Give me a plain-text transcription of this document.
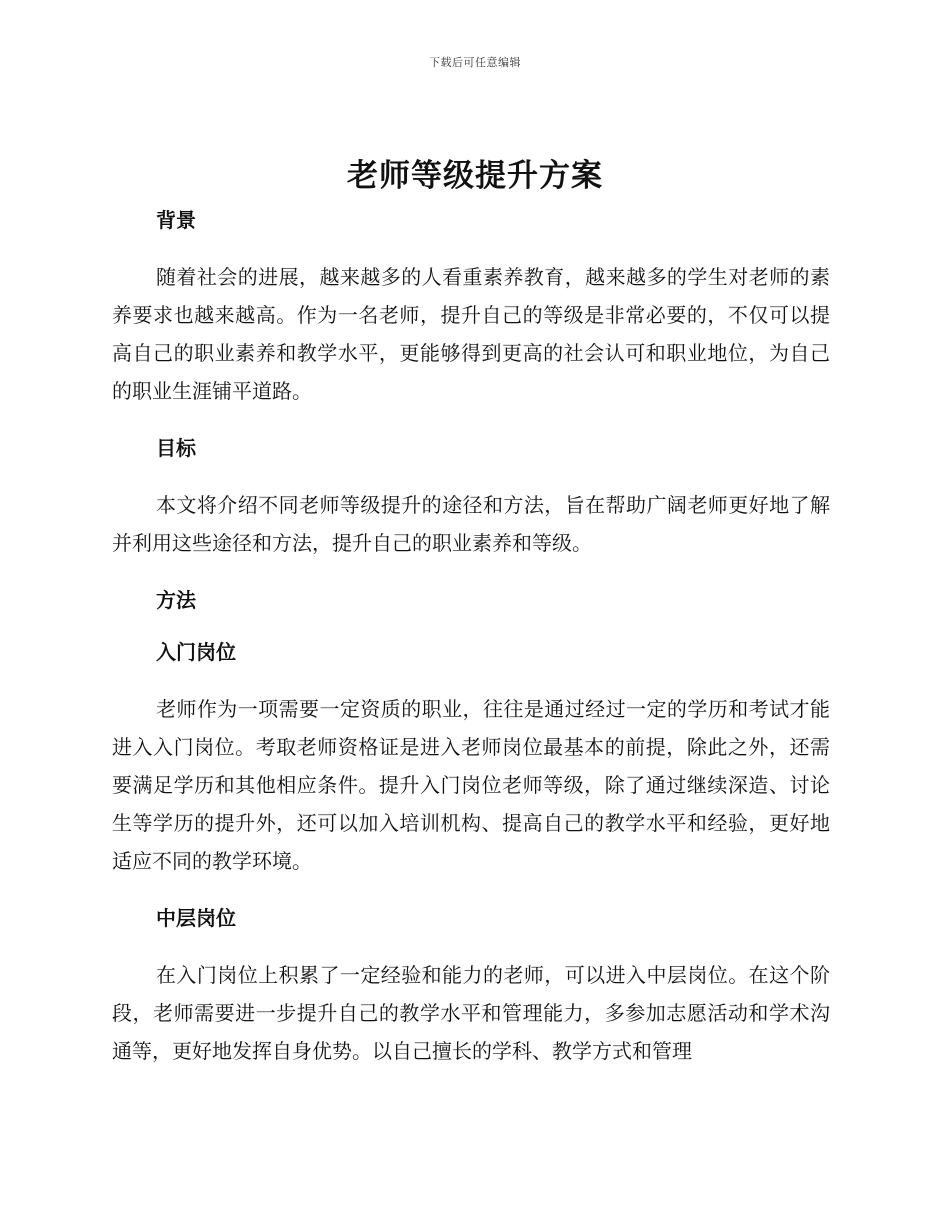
下载后可任意编辑
老师等级提升方案
背景

随着社会的进展，越来越多的人看重素养教育，越来越多的学生对老师的素养要求也越来越高。作为一名老师，提升自己的等级是非常必要的，不仅可以提高自己的职业素养和教学水平，更能够得到更高的社会认可和职业地位，为自己的职业生涯铺平道路。

目标

本文将介绍不同老师等级提升的途径和方法，旨在帮助广阔老师更好地了解并利用这些途径和方法，提升自己的职业素养和等级。

方法
入门岗位

老师作为一项需要一定资质的职业，往往是通过经过一定的学历和考试才能进入入门岗位。考取老师资格证是进入老师岗位最基本的前提，除此之外，还需要满足学历和其他相应条件。提升入门岗位老师等级，除了通过继续深造、讨论生等学历的提升外，还可以加入培训机构、提高自己的教学水平和经验，更好地适应不同的教学环境。

中层岗位

在入门岗位上积累了一定经验和能力的老师，可以进入中层岗位。在这个阶段，老师需要进一步提升自己的教学水平和管理能力，多参加志愿活动和学术沟通等，更好地发挥自身优势。以自己擅长的学科、教学方式和管理
